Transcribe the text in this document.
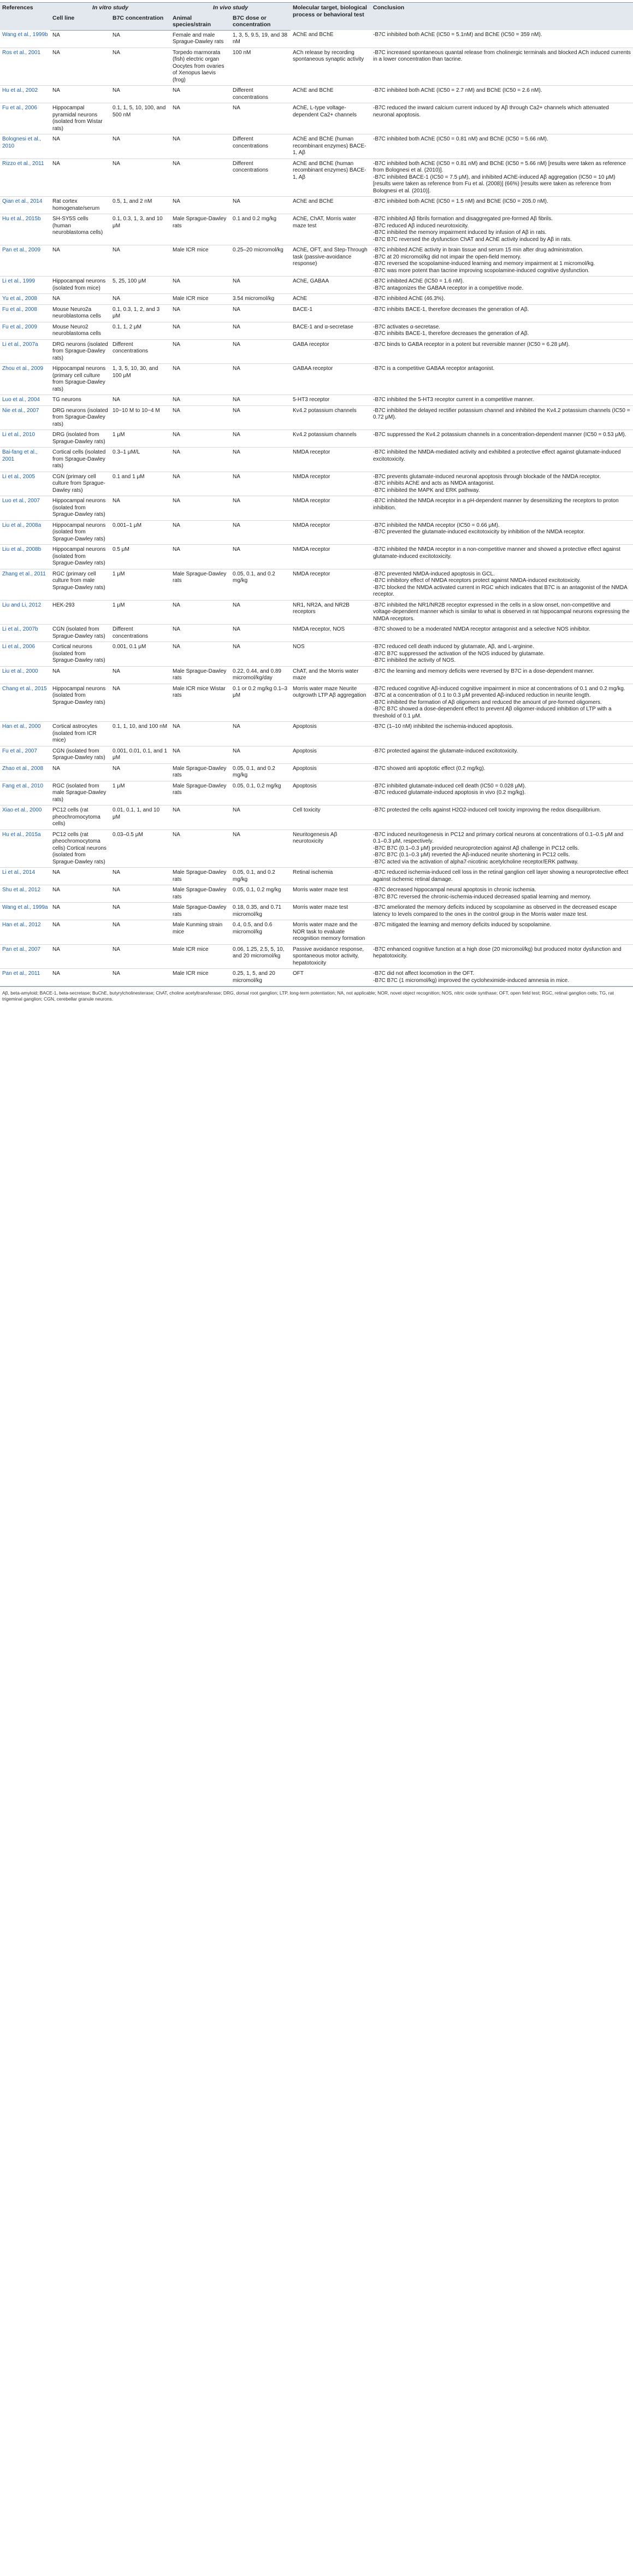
References	In vitro study		In vivo study		Molecular target, biological process or behavioral test	Conclusion
	Cell line	B7C concentration	Animal species/strain	B7C dose or concentration		
Wang et al., 1999b	NA	NA	Female and male Sprague-Dawley rats	1, 3, 5, 9.5, 19, and 38 nM	AChE and BChE	-B7C inhibited both AChE (IC50 = 5.1nM) and BChE (IC50 = 359 nM).
Ros et al., 2001	NA	NA	Torpedo marmorata (fish) electric organ Oocytes from ovaries of Xenopus laevis (frog)	100 nM	ACh release by recording spontaneous synaptic activity	-B7C increased spontaneous quantal release from cholinergic terminals and blocked ACh induced currents in a lower concentration than tacrine.
Hu et al., 2002	NA	NA	NA	Different concentrations	AChE and BChE	-B7C inhibited both AChE (IC50 = 2.7 nM) and BChE (IC50 = 2.6 nM).
Fu et al., 2006	Hippocampal pyramidal neurons (isolated from Wistar rats)	0.1, 1, 5, 10, 100, and 500 nM	NA	NA	AChE, L-type voltage-dependent Ca2+ channels	-B7C reduced the inward calcium current induced by Aβ through Ca2+ channels which attenuated neuronal apoptosis.
Bolognesi et al., 2010	NA	NA	NA	Different concentrations	AChE and BChE (human recombinant enzymes) BACE-1, Aβ	-B7C inhibited both AChE (IC50 = 0.81 nM) and BChE (IC50 = 5.66 nM).
Rizzo et al., 2011	NA	NA	NA	Different concentrations	AChE and BChE (human recombinant enzymes) BACE-1, Aβ	-B7C inhibited both AChE (IC50 = 0.81 nM) and BChE (IC50 = 5.66 nM) [results were taken as reference from Bolognesi et al. (2010)].
-B7C inhibited BACE-1 (IC50 = 7.5 μM), and inhibited AChE-induced Aβ aggregation (IC50 = 10 μM) [results were taken as reference from Fu et al. (2008)] (66%) [results were taken as reference from Bolognesi et al. (2010)].
Qian et al., 2014	Rat cortex homogenate/serum	0.5, 1, and 2 nM	NA	NA	AChE and BChE	-B7C inhibited both AChE (IC50 = 1.5 nM) and BChE (IC50 = 205.0 nM).
Hu et al., 2015b	SH-SY5S cells (human neuroblastoma cells)	0.1, 0.3, 1, 3, and 10 μM	Male Sprague-Dawley rats	0.1 and 0.2 mg/kg	AChE, ChAT, Morris water maze test	-B7C inhibited Aβ fibrils formation and disaggregated pre-formed Aβ fibrils.
-B7C reduced Aβ induced neurotoxicity.
-B7C inhibited the memory impairment induced by infusion of Aβ in rats.
-B7C B7C reversed the dysfunction ChAT and AChE activity induced by Aβ in rats.
Pan et al., 2009	NA	NA	Male ICR mice	0.25–20 micromol/kg	AChE, OFT, and Step-Through task (passive-avoidance response)	-B7C inhibited AChE activity in brain tissue and serum 15 min after drug administration.
-B7C at 20 micromol/kg did not impair the open-field memory.
-B7C reversed the scopolamine-induced learning and memory impairment at 1 micromol/kg.
-B7C was more potent than tacrine improving scopolamine-induced cognitive dysfunction.
Li et al., 1999	Hippocampal neurons (isolated from mice)	5, 25, 100 μM	NA	NA	AChE, GABAA	-B7C inhibited AChE (IC50 = 1.6 nM).
-B7C antagonizes the GABAA receptor in a competitive mode.
Yu et al., 2008	NA	NA	Male ICR mice	3.54 micromol/kg	AChE	-B7C inhibited AChE (46.3%).
Fu et al., 2008	Mouse Neuro2a neuroblastoma cells	0.1, 0.3, 1, 2, and 3 μM	NA	NA	BACE-1	-B7C inhibits BACE-1, therefore decreases the generation of Aβ.
Fu et al., 2009	Mouse Neuro2 neuroblastoma cells	0.1, 1, 2 μM	NA	NA	BACE-1 and α-secretase	-B7C activates α-secretase.
-B7C inhibits BACE-1, therefore decreases the generation of Aβ.
Li et al., 2007a	DRG neurons (isolated from Sprague-Dawley rats)	Different concentrations	NA	NA	GABA receptor	-B7C binds to GABA receptor in a potent but reversible manner (IC50 = 6.28 μM).
Zhou et al., 2009	Hippocampal neurons (primary cell culture from Sprague-Dawley rats)	1, 3, 5, 10, 30, and 100 μM	NA	NA	GABAA receptor	-B7C is a competitive GABAA receptor antagonist.
Luo et al., 2004	TG neurons	NA	NA	NA	5-HT3 receptor	-B7C inhibited the 5-HT3 receptor current in a competitive manner.
Nie et al., 2007	DRG neurons (isolated from Sprague-Dawley rats)	10−10 M to 10−4 M	NA	NA	Kv4.2 potassium channels	-B7C inhibited the delayed rectifier potassium channel and inhibited the Kv4.2 potassium channels (IC50 = 0.72 μM).
Li et al., 2010	DRG (isolated from Sprague-Dawley rats)	1 μM	NA	NA	Kv4.2 potassium channels	-B7C suppressed the Kv4.2 potassium channels in a concentration-dependent manner (IC50 = 0.53 μM).
Bai-fang et al., 2001	Cortical cells (isolated from Sprague-Dawley rats)	0.3–1 μM/L	NA	NA	NMDA receptor	-B7C inhibited the NMDA-mediated activity and exhibited a protective effect against glutamate-induced excitotoxicity.
Li et al., 2005	CGN (primary cell culture from Sprague-Dawley rats)	0.1 and 1 μM	NA	NA	NMDA receptor	-B7C prevents glutamate-induced neuronal apoptosis through blockade of the NMDA receptor.
-B7C inhibits AChE and acts as NMDA antagonist.
-B7C inhibited the MAPK and ERK pathway.
Luo et al., 2007	Hippocampal neurons (isolated from Sprague-Dawley rats)	NA	NA	NA	NMDA receptor	-B7C inhibited the NMDA receptor in a pH-dependent manner by desensitizing the receptors to proton inhibition.
Liu et al., 2008a	Hippocampal neurons (isolated from Sprague-Dawley rats)	0.001–1 μM	NA	NA	NMDA receptor	-B7C inhibited the NMDA receptor (IC50 = 0.66 μM).
-B7C prevented the glutamate-induced excitotoxicity by inhibition of the NMDA receptor.
Liu et al., 2008b	Hippocampal neurons (isolated from Sprague-Dawley rats)	0.5 μM	NA	NA	NMDA receptor	-B7C inhibited the NMDA receptor in a non-competitive manner and showed a protective effect against glutamate-induced excitotoxicity.
Zhang et al., 2011	RGC (primary cell culture from male Sprague-Dawley rats)	1 μM	Male Sprague-Dawley rats	0.05, 0.1, and 0.2 mg/kg	NMDA receptor	-B7C prevented NMDA-induced apoptosis in GCL.
-B7C inhibitory effect of NMDA receptors protect against NMDA-induced excitotoxicity.
-B7C blocked the NMDA activated current in RGC which indicates that B7C is an antagonist of the NMDA receptor.
Liu and Li, 2012	HEK-293	1 μM	NA	NA	NR1, NR2A, and NR2B receptors	-B7C inhibited the NR1/NR2B receptor expressed in the cells in a slow onset, non-competitive and voltage-dependent manner which is similar to what is observed in rat hippocampal neurons expressing the NMDA receptors.
Li et al., 2007b	CGN (isolated from Sprague-Dawley rats)	Different concentrations	NA	NA	NMDA receptor, NOS	-B7C showed to be a moderated NMDA receptor antagonist and a selective NOS inhibitor.
Li et al., 2006	Cortical neurons (isolated from Sprague-Dawley rats)	0.001, 0.1 μM	NA	NA	NOS	-B7C reduced cell death induced by glutamate, Aβ, and L-arginine.
-B7C B7C suppressed the activation of the NOS induced by glutamate.
-B7C inhibited the activity of NOS.
Liu et al., 2000	NA	NA	Male Sprague-Dawley rats	0.22, 0.44, and 0.89 micromol/kg/day	ChAT, and the Morris water maze	-B7C the learning and memory deficits were reversed by B7C in a dose-dependent manner.
Chang et al., 2015	Hippocampal neurons (isolated from Sprague-Dawley rats)	NA	Male ICR mice Wistar rats	0.1 or 0.2 mg/kg 0.1–3 μM	Morris water maze Neurite outgrowth LTP Aβ aggregation	-B7C reduced cognitive Aβ-induced cognitive impairment in mice at concentrations of 0.1 and 0.2 mg/kg.
-B7C at a concentration of 0.1 to 0.3 μM prevented Aβ-induced reduction in neurite length.
-B7C inhibited the formation of Aβ oligomers and reduced the amount of pre-formed oligomers.
-B7C B7C showed a dose-dependent effect to prevent Aβ oligomer-induced inhibition of LTP with a threshold of 0.1 μM.
Han et al., 2000	Cortical astrocytes (isolated from ICR mice)	0.1, 1, 10, and 100 nM	NA	NA	Apoptosis	-B7C (1–10 nM) inhibited the ischemia-induced apoptosis.
Fu et al., 2007	CGN (isolated from Sprague-Dawley rats)	0.001, 0.01, 0.1, and 1 μM	NA	NA	Apoptosis	-B7C protected against the glutamate-induced excitotoxicity.
Zhao et al., 2008	NA	NA	Male Sprague-Dawley rats	0.05, 0.1, and 0.2 mg/kg	Apoptosis	-B7C showed anti apoptotic effect (0.2 mg/kg).
Fang et al., 2010	RGC (isolated from male Sprague-Dawley rats)	1 μM	Male Sprague-Dawley rats	0.05, 0.1, 0.2 mg/kg	Apoptosis	-B7C inhibited glutamate-induced cell death (IC50 = 0.028 μM).
-B7C reduced glutamate-induced apoptosis in vivo (0.2 mg/kg).
Xiao et al., 2000	PC12 cells (rat pheochromocytoma cells)	0.01, 0.1, 1, and 10 μM	NA	NA	Cell toxicity	-B7C protected the cells against H2O2-induced cell toxicity improving the redox disequilibrium.
Hu et al., 2015a	PC12 cells (rat pheochromocytoma cells) Cortical neurons (isolated from Sprague-Dawley rats)	0.03–0.5 μM	NA	NA	Neuritogenesis Aβ neurotoxicity	-B7C induced neuritogenesis in PC12 and primary cortical neurons at concentrations of 0.1–0.5 μM and 0.1–0.3 μM, respectively.
-B7C B7C (0.1–0.3 μM) provided neuroprotection against Aβ challenge in PC12 cells.
-B7C B7C (0.1–0.3 μM) reverted the Aβ-induced neurite shortening in PC12 cells.
-B7C acted via the activation of alpha7-nicotinic acetylcholine receptor/ERK pathway.
Li et al., 2014	NA	NA	Male Sprague-Dawley rats	0.05, 0.1, and 0.2 mg/kg	Retinal ischemia	-B7C reduced ischemia-induced cell loss in the retinal ganglion cell layer showing a neuroprotective effect against ischemic retinal damage.
Shu et al., 2012	NA	NA	Male Sprague-Dawley rats	0.05, 0.1, 0.2 mg/kg	Morris water maze test	-B7C decreased hippocampal neural apoptosis in chronic ischemia.
-B7C B7C reversed the chronic-ischemia-induced decreased spatial learning and memory.
Wang et al., 1999a	NA	NA	Male Sprague-Dawley rats	0.18, 0.35, and 0.71 micromol/kg	Morris water maze test	-B7C ameliorated the memory deficits induced by scopolamine as observed in the decreased escape latency to levels compared to the ones in the control group in the Morris water maze test.
Han et al., 2012	NA	NA	Male Kunming strain mice	0.4, 0.5, and 0.6 micromol/kg	Morris water maze and the NOR task to evaluate recognition memory formation	-B7C mitigated the learning and memory deficits induced by scopolamine.
Pan et al., 2007	NA	NA	Male ICR mice	0.06, 1.25, 2.5, 5, 10, and 20 micromol/kg	Passive avoidance response, spontaneous motor activity, hepatotoxicity	-B7C enhanced cognitive function at a high dose (20 micromol/kg) but produced motor dysfunction and hepatotoxicity.
Pan et al., 2011	NA	NA	Male ICR mice	0.25, 1, 5, and 20 micromol/kg	OFT	-B7C did not affect locomotion in the OFT.
-B7C B7C (1 micromol/kg) improved the cycloheximide-induced amnesia in mice.
Aβ, beta-amyloid; BACE-1, beta-secretase; BuChE, butyrylcholinesterase; ChAT, choline acetyltransferase; DRG, dorsal root ganglion; LTP, long-term potentiation; NA, not applicable; NOR, novel object recognition; NOS, nitric oxide synthase; OFT, open field test; RGC, retinal ganglion cells; TG, rat trigeminal ganglion; CGN, cerebellar granule neurons.
